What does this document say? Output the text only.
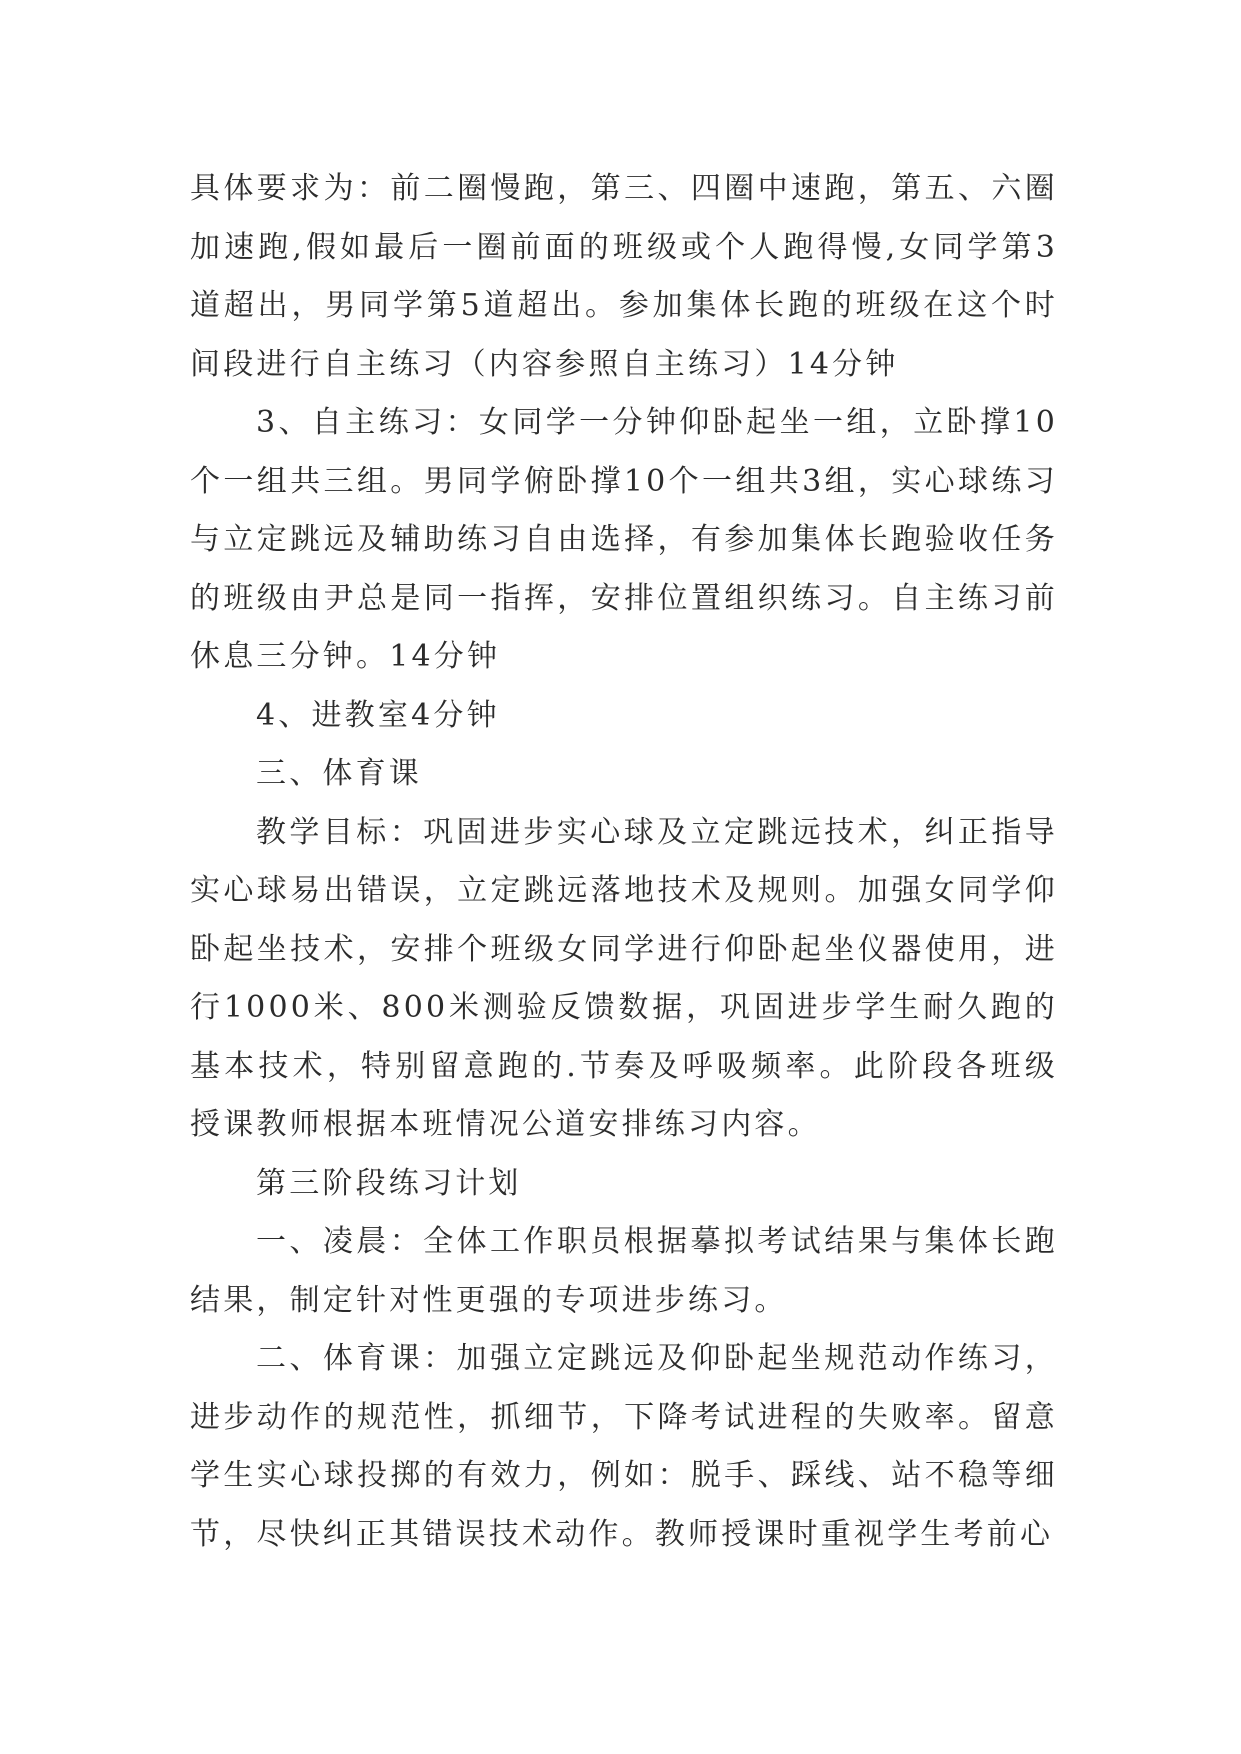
具体要求为：前二圈慢跑，第三、四圈中速跑，第五、六圈加速跑,假如最后一圈前面的班级或个人跑得慢,女同学第3道超出，男同学第5道超出。参加集体长跑的班级在这个时间段进行自主练习（内容参照自主练习）14分钟

3、自主练习：女同学一分钟仰卧起坐一组，立卧撑10个一组共三组。男同学俯卧撑10个一组共3组，实心球练习与立定跳远及辅助练习自由选择，有参加集体长跑验收任务的班级由尹总是同一指挥，安排位置组织练习。自主练习前休息三分钟。14分钟

4、进教室4分钟

三、体育课

教学目标：巩固进步实心球及立定跳远技术，纠正指导实心球易出错误，立定跳远落地技术及规则。加强女同学仰卧起坐技术，安排个班级女同学进行仰卧起坐仪器使用，进行1000米、800米测验反馈数据，巩固进步学生耐久跑的基本技术，特别留意跑的.节奏及呼吸频率。此阶段各班级授课教师根据本班情况公道安排练习内容。

第三阶段练习计划

一、凌晨：全体工作职员根据摹拟考试结果与集体长跑结果，制定针对性更强的专项进步练习。

二、体育课：加强立定跳远及仰卧起坐规范动作练习，进步动作的规范性，抓细节，下降考试进程的失败率。留意学生实心球投掷的有效力，例如：脱手、踩线、站不稳等细节，尽快纠正其错误技术动作。教师授课时重视学生考前心
